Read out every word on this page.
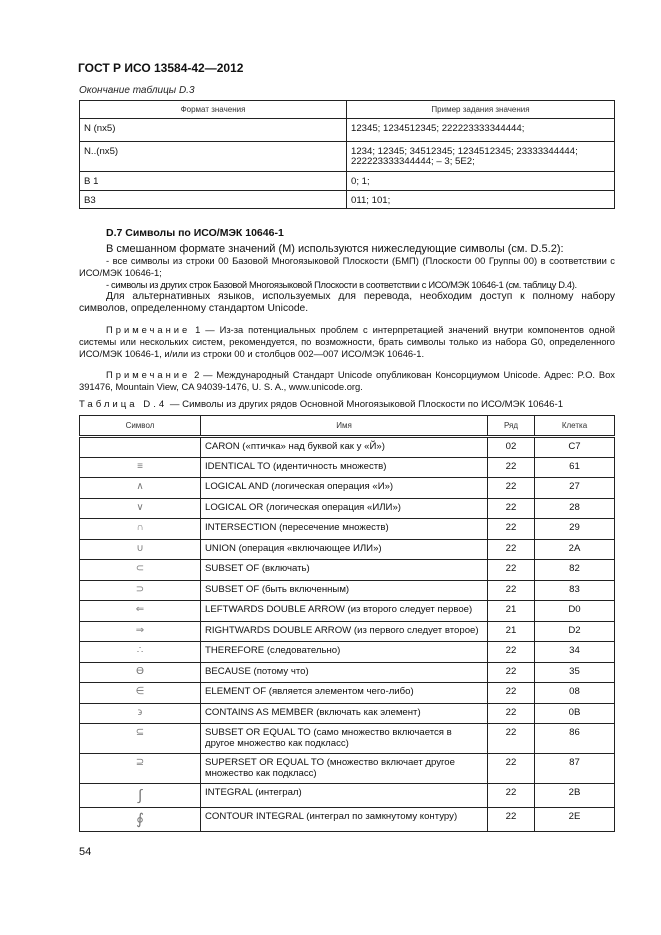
ГОСТ Р ИСО 13584-42—2012
Окончание таблицы D.3
Формат значения	Пример задания значения
N (nx5)	12345; 1234512345; 222223333344444;
N..(nx5)	1234; 12345; 34512345; 1234512345; 23333344444; 222223333344444; – 3; 5E2;
B 1	0; 1;
B3	011; 101;
D.7 Символы по ИСО/МЭК 10646-1

В смешанном формате значений (M) используются нижеследующие символы (см. D.5.2):

- все символы из строки 00 Базовой Многоязыковой Плоскости (БМП) (Плоскости 00 Группы 00) в соответствии с ИСО/МЭК 10646-1;

- символы из других строк Базовой Многоязыковой Плоскости в соответствии с ИСО/МЭК 10646-1 (см. таблицу D.4).

Для альтернативных языков, используемых для перевода, необходим доступ к полному набору символов, определенному стандартом Unicode.

Примечание 1 — Из-за потенциальных проблем с интерпретацией значений внутри компонентов одной системы или нескольких систем, рекомендуется, по возможности, брать символы только из набора G0, определенного ИСО/МЭК 10646-1, и/или из строки 00 и столбцов 002—007 ИСО/МЭК 10646-1.

Примечание 2 — Международный Стандарт Unicode опубликован Консорциумом Unicode. Адрес: P.O. Box 391476, Mountain View, CA 94039-1476, U. S. A., www.unicode.org.

Таблица D.4 — Символы из других рядов Основной Многоязыковой Плоскости по ИСО/МЭК 10646-1
Символ	Имя	Ряд	Клетка
	CARON («птичка» над буквой как у «Й»)	02	C7
≡	IDENTICAL TO (идентичность множеств)	22	61
∧	LOGICAL AND (логическая операция «И»)	22	27
∨	LOGICAL OR (логическая операция «ИЛИ»)	22	28
∩	INTERSECTION (пересечение множеств)	22	29
∪	UNION (операция «включающее ИЛИ»)	22	2A
⊂	SUBSET OF (включать)	22	82
⊃	SUBSET OF (быть включенным)	22	83
⇐	LEFTWARDS DOUBLE ARROW (из второго следует первое)	21	D0
⇒	RIGHTWARDS DOUBLE ARROW (из первого следует второе)	21	D2
∴	THEREFORE (следовательно)	22	34
ϴ	BECAUSE (потому что)	22	35
∈	ELEMENT OF (является элементом чего-либо)	22	08
϶	CONTAINS AS MEMBER (включать как элемент)	22	0B
⊆	SUBSET OR EQUAL TO (само множество включается в другое множество как подкласс)	22	86
⊇	SUPERSET OR EQUAL TO (множество включает другое множество как подкласс)	22	87
∫	INTEGRAL (интеграл)	22	2B
∮	CONTOUR INTEGRAL (интеграл по замкнутому контуру)	22	2E
54
